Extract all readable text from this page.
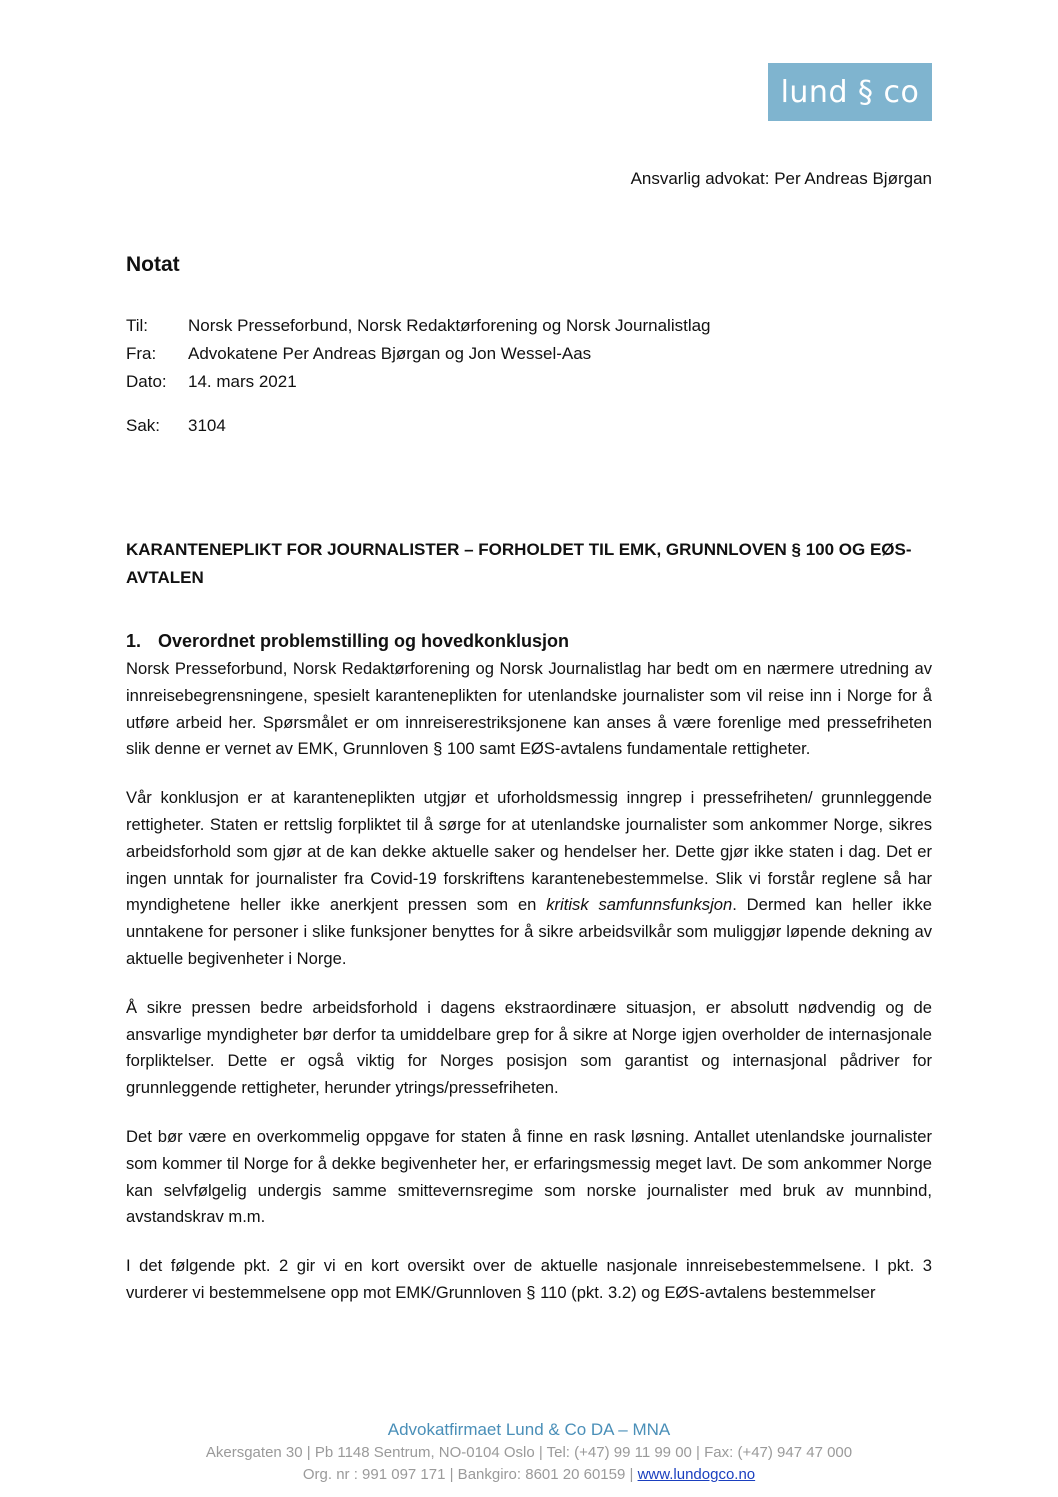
lund § co
Ansvarlig advokat: Per Andreas Bjørgan
Notat
Til:	Norsk Presseforbund, Norsk Redaktørforening og Norsk Journalistlag
Fra:	Advokatene Per Andreas Bjørgan og Jon Wessel-Aas
Dato:	14. mars 2021
Sak:	3104
KARANTENEPLIKT FOR JOURNALISTER – FORHOLDET TIL EMK, GRUNNLOVEN § 100 OG EØS-AVTALEN
1. Overordnet problemstilling og hovedkonklusjon

Norsk Presseforbund, Norsk Redaktørforening og Norsk Journalistlag har bedt om en nærmere utredning av innreisebegrensningene, spesielt karanteneplikten for utenlandske journalister som vil reise inn i Norge for å utføre arbeid her. Spørsmålet er om innreiserestriksjonene kan anses å være forenlige med pressefriheten slik denne er vernet av EMK, Grunnloven § 100 samt EØS-avtalens fundamentale rettigheter.

Vår konklusjon er at karanteneplikten utgjør et uforholdsmessig inngrep i pressefriheten/ grunnleggende rettigheter. Staten er rettslig forpliktet til å sørge for at utenlandske journalister som ankommer Norge, sikres arbeidsforhold som gjør at de kan dekke aktuelle saker og hendelser her. Dette gjør ikke staten i dag. Det er ingen unntak for journalister fra Covid-19 forskriftens karantenebestemmelse. Slik vi forstår reglene så har myndighetene heller ikke anerkjent pressen som en kritisk samfunnsfunksjon. Dermed kan heller ikke unntakene for personer i slike funksjoner benyttes for å sikre arbeidsvilkår som muliggjør løpende dekning av aktuelle begivenheter i Norge.

Å sikre pressen bedre arbeidsforhold i dagens ekstraordinære situasjon, er absolutt nødvendig og de ansvarlige myndigheter bør derfor ta umiddelbare grep for å sikre at Norge igjen overholder de internasjonale forpliktelser. Dette er også viktig for Norges posisjon som garantist og internasjonal pådriver for grunnleggende rettigheter, herunder ytrings/pressefriheten.

Det bør være en overkommelig oppgave for staten å finne en rask løsning. Antallet utenlandske journalister som kommer til Norge for å dekke begivenheter her, er erfaringsmessig meget lavt. De som ankommer Norge kan selvfølgelig undergis samme smittevernsregime som norske journalister med bruk av munnbind, avstandskrav m.m.

I det følgende pkt. 2 gir vi en kort oversikt over de aktuelle nasjonale innreisebestemmelsene. I pkt. 3 vurderer vi bestemmelsene opp mot EMK/Grunnloven § 110 (pkt. 3.2) og EØS-avtalens bestemmelser

Advokatfirmaet Lund & Co DA – MNA
Akersgaten 30 | Pb 1148 Sentrum, NO-0104 Oslo | Tel: (+47) 99 11 99 00 | Fax: (+47) 947 47 000
Org. nr : 991 097 171 | Bankgiro: 8601 20 60159 | www.lundogco.no
